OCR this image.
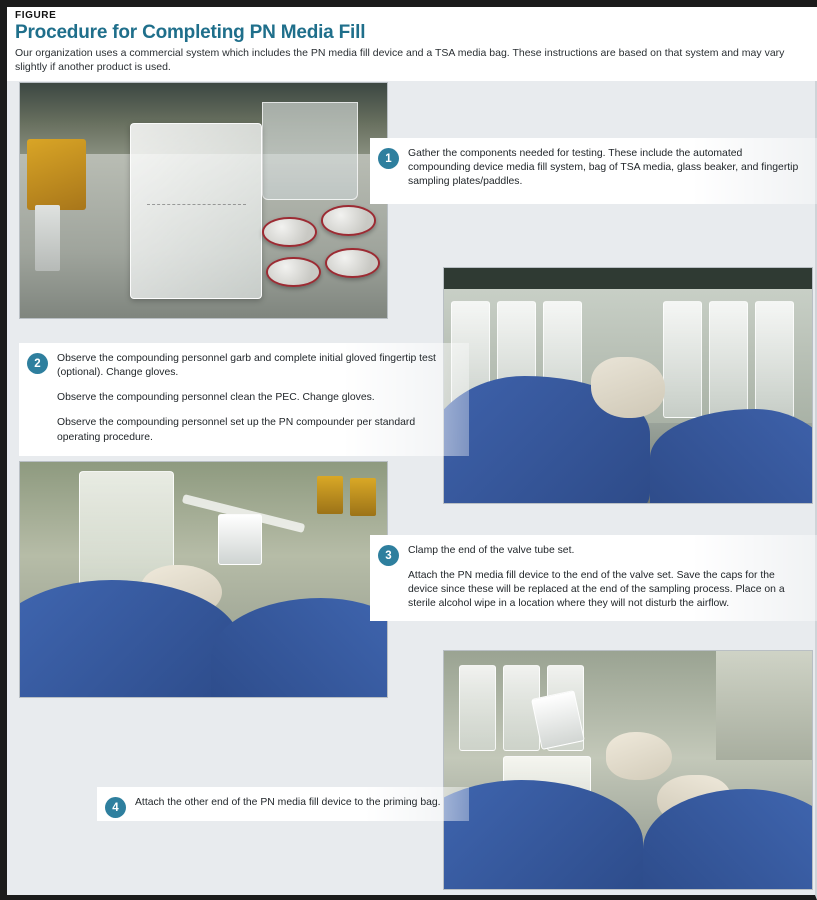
FIGURE
Procedure for Completing PN Media Fill

Our organization uses a commercial system which includes the PN media fill device and a TSA media bag. These instructions are based on that system and may vary slightly if another product is used.

1	Gather the components needed for testing. These include the automated compounding device media fill system, bag of TSA media, glass beaker, and fingertip sampling plates/paddles.

2	Observe the compounding personnel garb and complete initial gloved fingertip test (optional). Change gloves.

Observe the compounding personnel clean the PEC. Change gloves.

Observe the compounding personnel set up the PN compounder per standard operating procedure.

3	Clamp the end of the valve tube set.

Attach the PN media fill device to the end of the valve set. Save the caps for the device since these will be replaced at the end of the sampling process. Place on a sterile alcohol wipe in a location where they will not disturb the airflow.

4	Attach the other end of the PN media fill device to the priming bag.
